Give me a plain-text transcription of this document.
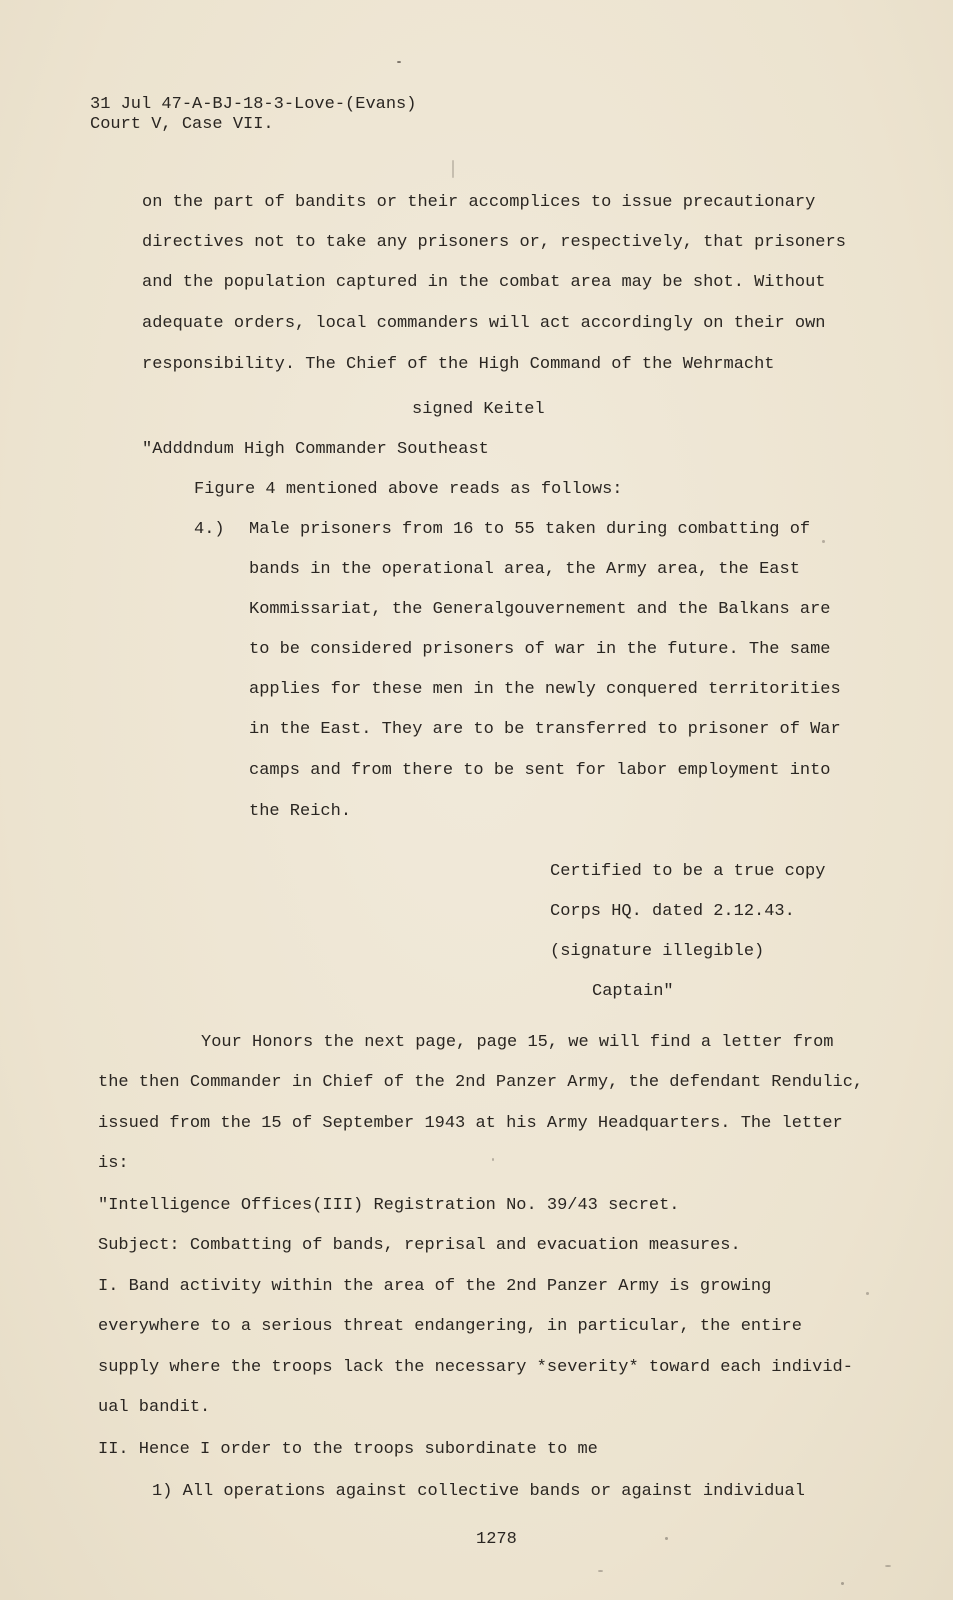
31 Jul 47-A-BJ-18-3-Love-(Evans)
Court V, Case VII.
on the part of bandits or their accomplices to issue precautionary
directives not to take any prisoners or, respectively, that prisoners
and the population captured in the combat area may be shot. Without
adequate orders, local commanders will act accordingly on their own
responsibility. The Chief of the High Command of the Wehrmacht
signed Keitel
"Adddndum High Commander Southeast
Figure 4 mentioned above reads as follows:
4.) Male prisoners from 16 to 55 taken during combatting of
bands in the operational area, the Army area, the East
Kommissariat, the Generalgouvernement and the Balkans are
to be considered prisoners of war in the future. The same
applies for these men in the newly conquered territorities
in the East. They are to be transferred to prisoner of War
camps and from there to be sent for labor employment into
the Reich.
Certified to be a true copy
Corps HQ. dated 2.12.43.
(signature illegible)
Captain"
Your Honors the next page, page 15, we will find a letter from
the then Commander in Chief of the 2nd Panzer Army, the defendant Rendulic,
issued from the 15 of September 1943 at his Army Headquarters. The letter
is:
"Intelligence Offices(III) Registration No. 39/43 secret.
Subject: Combatting of bands, reprisal and evacuation measures.
I. Band activity within the area of the 2nd Panzer Army is growing
everywhere to a serious threat endangering, in particular, the entire
supply where the troops lack the necessary *severity* toward each individ-
ual bandit.
II. Hence I order to the troops subordinate to me
1) All operations against collective bands or against individual
1278
